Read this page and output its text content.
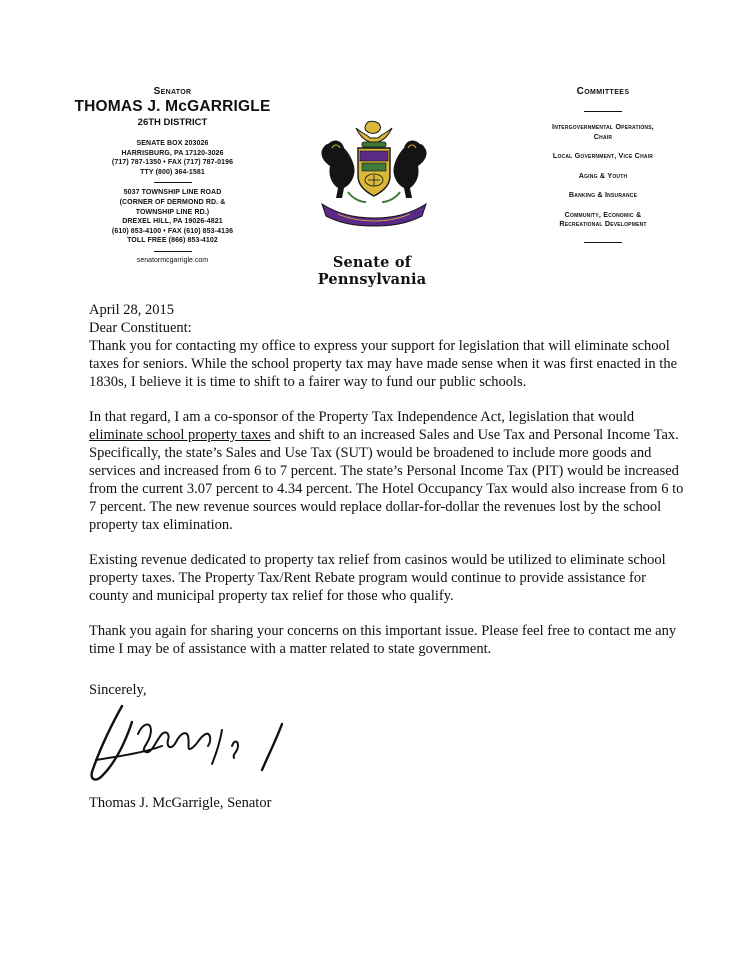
Senator
THOMAS J. McGARRIGLE
26TH DISTRICT
SENATE BOX 203026
HARRISBURG, PA 17120-3026
(717) 787-1350 • FAX (717) 787-0196
TTY (800) 364-1581
5037 TOWNSHIP LINE ROAD
(CORNER OF DERMOND RD. &
TOWNSHIP LINE RD.)
DREXEL HILL, PA 19026-4821
(610) 853-4100 • FAX (610) 853-4136
TOLL FREE (866) 853-4102
senatormcgarrigle.com
Committees
Intergovernmental Operations,
Chair
Local Government, Vice Chair
Aging & Youth
Banking & Insurance
Community, Economic &
Recreational Development
Senate of Pennsylvania

April 28, 2015

Dear Constituent:

Thank you for contacting my office to express your support for legislation that will eliminate school taxes for seniors. While the school property tax may have made sense when it was first enacted in the 1830s, I believe it is time to shift to a fairer way to fund our public schools.

In that regard, I am a co-sponsor of the Property Tax Independence Act, legislation that would eliminate school property taxes and shift to an increased Sales and Use Tax and Personal Income Tax. Specifically, the state’s Sales and Use Tax (SUT) would be broadened to include more goods and services and increased from 6 to 7 percent. The state’s Personal Income Tax (PIT) would be increased from the current 3.07 percent to 4.34 percent. The Hotel Occupancy Tax would also increase from 6 to 7 percent. The new revenue sources would replace dollar-for-dollar the revenues lost by the school property tax elimination.

Existing revenue dedicated to property tax relief from casinos would be utilized to eliminate school property taxes. The Property Tax/Rent Rebate program would continue to provide assistance for county and municipal property tax relief for those who qualify.

Thank you again for sharing your concerns on this important issue. Please feel free to contact me any time I may be of assistance with a matter related to state government.

Sincerely,
Thomas J. McGarrigle, Senator
